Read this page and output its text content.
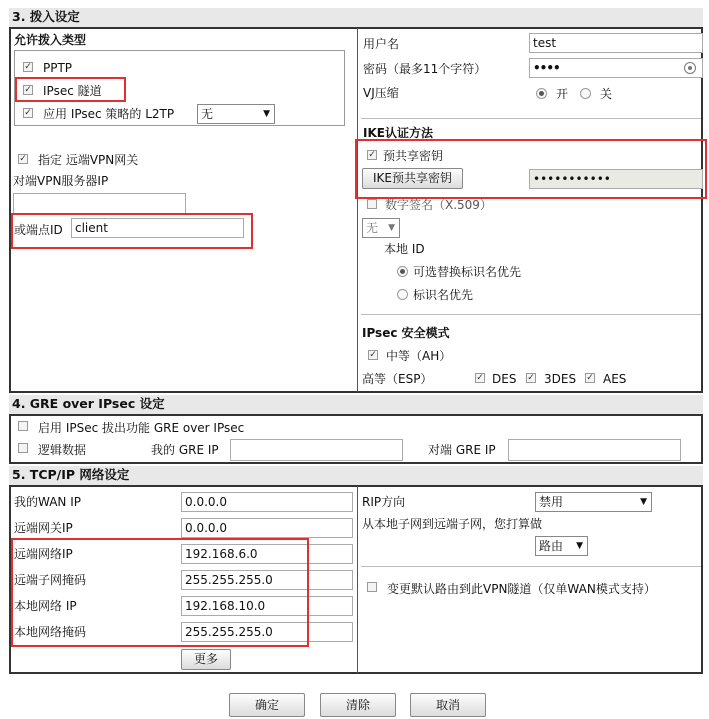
3. 拨入设定
允许拨入类型
✓ PPTP
✓ IPsec 隧道
✓ 应用 IPsec 策略的 L2TP	无	▼
✓ 指定 远端VPN网关
对端VPN服务器IP
或端点ID	client
用户名	test
密码（最多11个字符）	••••
VJ压缩	开	关
IKE认证方法
✓ 预共享密钥
IKE预共享密钥	•••••••••••
数字签名（X.509）
无 ▼
本地 ID
可选替换标识名优先
标识名优先
IPsec 安全模式
✓ 中等（AH）
高等（ESP）	✓ DES ✓ 3DES ✓ AES
4. GRE over IPsec 设定
启用 IPSec 拔出功能 GRE over IPsec
逻辑数据	我的 GRE IP	对端 GRE IP
5. TCP/IP 网络设定
我的WAN IP	0.0.0.0
远端网关IP	0.0.0.0
远端网络IP	192.168.6.0
远端子网掩码	255.255.255.0
本地网络 IP	192.168.10.0
本地网络掩码	255.255.255.0
更多
RIP方向	禁用	▼
从本地子网到远端子网，您打算做
路由 ▼
变更默认路由到此VPN隧道（仅单WAN模式支持）
确定	清除	取消
